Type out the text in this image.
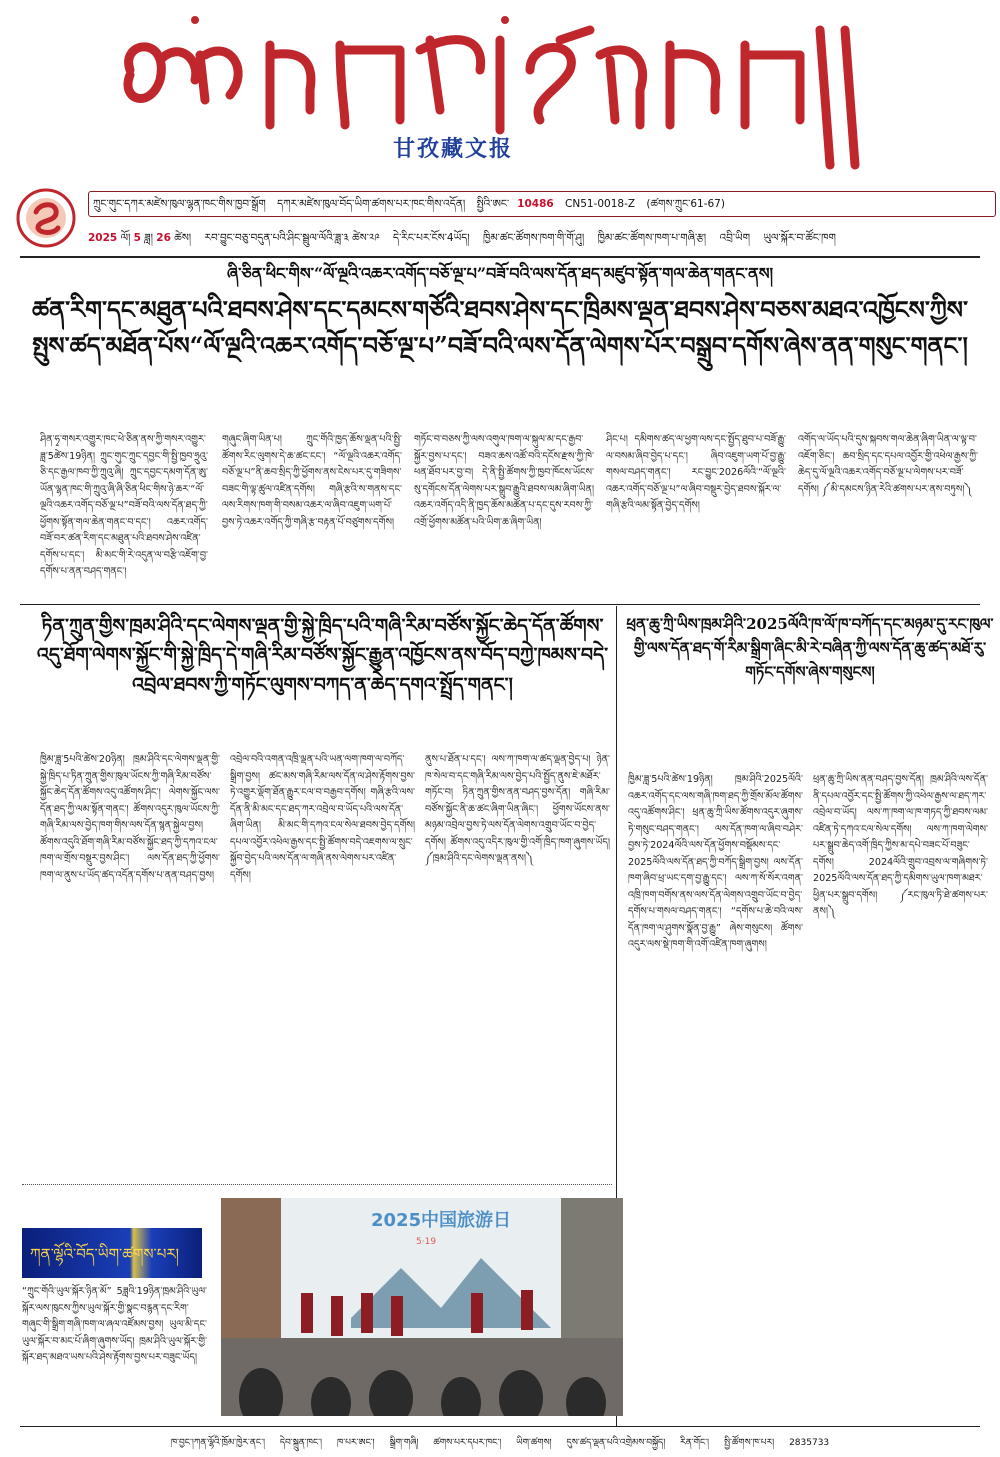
甘孜藏文报
ཀྲུང་གུང་དཀར་མཛེས་ཁུལ་ལྷན་ཁང་གིས་ཁྱབ་སྒྲོག དཀར་མཛེས་ཁུལ་བོད་ཡིག་ཚགས་པར་ཁང་གིས་འདོན། སྤྱིའི་ཨང་ 10486 CN51-0018-Z (ཚགས་ཀྲུང་61-67)
2025 ལོ། 5 ཟླ། 26 ཚེས། རབ་བྱུང་བཅུ་བདུན་པའི་ཤིང་སྦྲུལ་ལོའི་ཟླ་༣ ཚེས་༢༩ དེ་རིང་པར་ངོས་4ཡོད། ཁྱིམ་ཚང་ཚོགས་ཁག་གི་གོ་ཤུ། ཁྱིམ་ཚང་ཚོགས་ཁག་པ་གཞི་རྩ། འབྲི་ཡིག ཡུལ་སྐོར་བ་ཚོང་ཁག
ཞི་ཅིན་ཕིང་གིས་“ལོ་ལྔའི་འཆར་འགོད་བཅོ་ལྔ་པ”བཟོ་བའི་ལས་དོན་ཐད་མཛུབ་སྟོན་གལ་ཆེན་གནང་ནས།
ཚན་རིག་དང་མཐུན་པའི་ཐབས་ཤེས་དང་དམངས་གཙོའི་ཐབས་ཤེས་དང་ཁྲིམས་ལྡན་ཐབས་ཤེས་བཅས་མཐའ་འཁྱོངས་ཀྱིས་སྤུས་ཚད་མཐོན་པོས“ལོ་ལྔའི་འཆར་འགོད་བཅོ་ལྔ་པ”བཟོ་བའི་ལས་དོན་ལེགས་པོར་བསྒྲུབ་དགོས་ཞེས་ནན་གསུང་གནང་།
ཤིན་ཧྭ་གསར་འགྱུར་ཁང་ཕེ་ཅིན་ནས་ཀྱི་གསར་འགྱུར་ཟླ་5ཚེས་19ཉིན། ཀྲུང་གུང་ཀྲུང་དབྱང་གི་སྤྱི་ཁྱབ་ཧྲུའུ་ཅི་དང་རྒྱལ་ཁབ་ཀྱི་ཀྲུའུ་ཞི། ཀྲུང་དབྱང་དམག་དོན་ཨུ་ཡོན་ལྷན་ཁང་གི་ཀྲུའུ་ཞི་ཞི་ཅིན་ཕིང་གིས་ཉེ་ཆར་“ལོ་ལྔའི་འཆར་འགོད་བཅོ་ལྔ་པ”བཟོ་བའི་ལས་དོན་ཐད་ཀྱི་ཕྱོགས་སྟོན་གལ་ཆེན་གནང་བ་དང་། འཆར་འགོད་བཟོ་བར་ཚན་རིག་དང་མཐུན་པའི་ཐབས་ཤེས་འཛིན་དགོས་པ་དང་། མི་མང་གི་རེ་འདུན་ལ་བརྩི་འཇོག་བྱ་དགོས་པ་ནན་བཤད་གནང་།
གཞུང་ཞིག་ཡིན་པ། ཀྲུང་གོའི་ཁྱད་ཆོས་ལྡན་པའི་སྤྱི་ཚོགས་རིང་ལུགས་དེ་ཆ་ཚང་ངང་། “ལོ་ལྔའི་འཆར་འགོད་བཅོ་ལྔ་པ”ནི་ཆབ་སྲིད་ཀྱི་ཕྱོགས་ནས་ངེས་པར་དུ་གཟིགས་བཟང་གི་ལྟ་ཚུལ་འཛིན་དགོས། གཞི་རྩའི་ས་གནས་དང་ལས་རིགས་ཁག་གི་བསམ་འཆར་ལ་ཞིབ་འཇུག་ཡག་པོ་བྱས་ཏེ་འཆར་འགོད་ཀྱི་གཞི་རྩ་བརྟན་པོ་བཙུགས་དགོས།
གཏོང་བ་བཅས་ཀྱི་ལས་འགུལ་ཁག་ལ་སྐུལ་མ་དང་རྒྱབ་སྐྱོར་བྱས་པ་དང་། བཟའ་ཆས་འཚོ་བའི་དངོས་རྫས་ཀྱི་ཁེ་ཕན་ཐོབ་པར་བྱ་བ། དེ་ནི་སྤྱི་ཚོགས་ཀྱི་ཁྱབ་ཁོངས་ཡོངས་སུ་དགོངས་དོན་ལེགས་པར་སྒྲུབ་རྒྱུའི་ཐབས་ལམ་ཞིག་ཡིན། འཆར་འགོད་འདི་ནི་ཁྱད་ཆོས་མཚོན་པ་དང་དུས་རབས་ཀྱི་འགྲོ་ཕྱོགས་མཚོན་པའི་ཡིག་ཆ་ཞིག་ཡིན།
ཤིང་པ། དམིགས་ཚད་ལ་ཕྱག་ལས་དང་སྤྱོད་ཐུབ་པ་བཟོ་རྒྱུ་ལ་བསམ་ཞིབ་བྱེད་པ་དང་། ཞིབ་འཇུག་ཡག་པོ་བྱ་རྒྱུ་གསལ་བཤད་གནང་། རང་བྱུང་2026ལོའི་“ལོ་ལྔའི་འཆར་འགོད་བཅོ་ལྔ་པ”ལ་ཞིབ་བསྡུར་བྱེད་ཐབས་སྐོར་ལ་གཞི་རྩའི་ལམ་སྟོན་བྱེད་དགོས།
འགོད་ལ་ཡོད་པའི་དུས་སྐབས་གལ་ཆེན་ཞིག་ཡིན་ལ་ལྟ་བ་འཇོག་ཅིང་། ཆབ་སྲིད་དང་དཔལ་འབྱོར་གྱི་འཕེལ་རྒྱས་ཀྱི་ཆེད་དུ་ལོ་ལྔའི་འཆར་འགོད་བཅོ་ལྔ་པ་ལེགས་པར་བཟོ་དགོས། ༼མི་དམངས་ཉིན་རེའི་ཚགས་པར་ནས་བཏུས།༽
ཏིན་ཀྲུན་གྱིས་ཁྲམ་ཤིའི་དང་ལེགས་ལྡན་གྱི་སྐྱེ་ཁྲིད་པའི་གཞི་རིམ་བཙོས་སྐྱོང་ཆེད་དོན་ཚོགས་འདུ་ཐོག་ལེགས་སྐྱོང་གི་སྐྱེ་ཁྲིད་དེ་གཞི་རིམ་བཙོས་སྐྱོང་རྒྱུན་འཁྱོངས་ནས་བོད་བཀྱེ་ཁམས་བདེ་འབྲེལ་ཐབས་ཀྱི་གཏོང་ལུགས་བཀད་ན་ཆེད་དགའ་སྤྲོད་གནང་།
ཁྱིམ་ཟླ་5པའི་ཚེས་20ཉིན། ཁྲམ་ཤིའི་དང་ལེགས་ལྡན་གྱི་སྐྱེ་ཁྲིད་པ་ཏིན་ཀྲུན་གྱིས་ཁུལ་ཡོངས་ཀྱི་གཞི་རིམ་བཙོས་སྐྱོང་ཆེད་དོན་ཚོགས་འདུ་འཚོགས་ཤིང་། ལེགས་སྐྱོང་ལས་དོན་ཐད་ཀྱི་ལམ་སྟོན་གནང་། ཚོགས་འདུར་ཁུལ་ཡོངས་ཀྱི་གཞི་རིམ་ལས་བྱེད་ཁག་གིས་ལས་དོན་སྙན་སྐྱེལ་བྱས། ཚོགས་འདུའི་ཐོག་གཞི་རིམ་བཙོས་སྐྱོང་ཐད་ཀྱི་དཀའ་ངལ་ཁག་ལ་གྲོས་བསྡུར་བྱས་ཤིང་། ལས་དོན་ཐད་ཀྱི་ཕྱོགས་ཁག་ལ་ནུས་པ་ཡོད་ཚད་འདོན་དགོས་པ་ནན་བཤད་བྱས།
འབྲེལ་བའི་འགན་འཁྲི་ལྡན་པའི་ཡན་ལག་ཁག་ལ་བཀོད་སྒྲིག་བྱས། ཚང་མས་གཞི་རིམ་ལས་དོན་ལ་ཤེས་རྟོགས་བྱས་ཏེ་འགྱུར་ལྡོག་ཐོན་རྒྱུར་ངལ་བ་བརྒྱབ་དགོས། གཞི་རྩའི་ལས་དོན་ནི་མི་མང་དང་ཐད་ཀར་འབྲེལ་བ་ཡོད་པའི་ལས་དོན་ཞིག་ཡིན། མི་མང་གི་དཀའ་ངལ་སེལ་ཐབས་བྱེད་དགོས། དཔལ་འབྱོར་འཕེལ་རྒྱས་དང་སྤྱི་ཚོགས་བདེ་འཇགས་ལ་སྲུང་སྐྱོབ་བྱེད་པའི་ལས་དོན་ལ་གཞི་ནས་ལེགས་པར་འཛིན་དགོས།
ནུས་པ་ཐོན་པ་དང་། ལས་ཀ་ཁག་ལ་ཚད་ལྡན་བྱེད་པ། ཉེན་ཁ་སེལ་བ་དང་གཞི་རིམ་ལས་བྱེད་པའི་སྤྱོད་ནུས་ཇེ་མཐོར་གཏོང་བ། ཏིན་ཀྲུན་གྱིས་ནན་བཤད་བྱས་དོན། གཞི་རིམ་བཙོས་སྐྱོང་ནི་ཆ་ཚང་ཞིག་ཡིན་ཞིང་། ཕྱོགས་ཡོངས་ནས་མཉམ་འབྲེལ་བྱས་ཏེ་ལས་དོན་ལེགས་འགྲུབ་ཡོང་བ་བྱེད་དགོས། ཚོགས་འདུ་འདིར་ཁུལ་གྱི་འགོ་ཁྲིད་ཁག་ཞུགས་ཡོད། ༼ཁྲམ་ཤིའི་དང་ལེགས་ལྡན་ནས།༽
ཕྲན་ཆུ་ཀྲི་ཡིས་ཁྲམ་ཤིའི་2025ལོའི་ཁ་ལོ་ཁ་བཀོད་དང་མཉམ་དུ་རང་ཁུལ་གྱི་ལས་དོན་ཐད་གོ་རིམ་སྒྲིག་ཞིང་མི་རེ་བཞིན་ཀྱི་ལས་དོན་ཆུ་ཚད་མཐོ་རུ་གཏོང་དགོས་ཞེས་གསུངས།
ཁྱིམ་ཟླ་5པའི་ཚེས་19ཉིན། ཁྲམ་ཤིའི་2025ལོའི་འཆར་འགོད་དང་ལས་གཞི་ཁག་ཐད་ཀྱི་གྲོས་མོལ་ཚོགས་འདུ་འཚོགས་ཤིང་། ཕྲན་ཆུ་ཀྲི་ཡིས་ཚོགས་འདུར་ཞུགས་ཏེ་གསུང་བཤད་གནང་། ལས་དོན་ཁག་ལ་ཞིབ་བཤེར་བྱས་ཏེ་2024ལོའི་ལས་དོན་ཕྱོགས་བསྡོམས་དང་2025ལོའི་ལས་དོན་ཐད་ཀྱི་བཀོད་སྒྲིག་བྱས། ལས་དོན་ཁག་ཞིབ་ཕྲ་ཡང་དག་བྱ་རྒྱུ་དང་། ལས་ཀ་སོ་སོར་འགན་འཁྲི་ཁག་བགོས་ནས་ལས་དོན་ལེགས་འགྲུབ་ཡོང་བ་བྱེད་དགོས་པ་གསལ་བཤད་གནང་། “དགོས་པ་ཆེ་བའི་ལས་དོན་ཁག་ལ་ཤུགས་སྣོན་བྱ་རྒྱུ” ཞེས་གསུངས། ཚོགས་འདུར་ལས་སྡེ་ཁག་གི་འགོ་འཛིན་ཁག་ཞུགས།
ཕྲན་ཆུ་ཀྲི་ཡིས་ནན་བཤད་བྱས་དོན། ཁྲམ་ཤིའི་ལས་དོན་ནི་དཔལ་འབྱོར་དང་སྤྱི་ཚོགས་ཀྱི་འཕེལ་རྒྱས་ལ་ཐད་ཀར་འབྲེལ་བ་ཡོད། ལས་ཀ་ཁག་ལ་ཁ་གཏད་ཀྱི་ཐབས་ལམ་འཛིན་ཏེ་དཀའ་ངལ་སེལ་དགོས། ལས་ཀ་ཁག་ལེགས་པར་སྒྲུབ་ཆེད་འགོ་ཁྲིད་ཀྱིས་མ་དཔེ་བཟང་པོ་བཟུང་དགོས། 2024ལོའི་གྲུབ་འབྲས་ལ་གཞིགས་ཏེ་2025ལོའི་ལས་དོན་ཐད་ཀྱི་དམིགས་ཡུལ་ཁག་མཐར་ཕྱིན་པར་སྒྲུབ་དགོས། ༼རང་ཁུལ་ཏི་ཐེ་ཚགས་པར་ནས།༽
ཀན་ལྷོའི་བོད་ཡིག་ཚགས་པར།
“ཀྲུང་གོའི་ཡུལ་སྐོར་ཉིན་མོ” 5ཟླའི་19ཉིན་ཁྲམ་ཤིའི་ཡུལ་སྐོར་ལས་ཁུངས་ཀྱིས་ཡུལ་སྐོར་གྱི་སྣང་བརྙན་དང་རིག་གཞུང་གི་སྒྲིག་གཞི་ཁག་ལ་ཞལ་འཛོམས་བྱས། ཡུལ་མི་དང་ཡུལ་སྐོར་བ་མང་པོ་ཞིག་ཞུགས་ཡོད། ཁྲམ་ཤིའི་ཡུལ་སྐོར་གྱི་སྐོར་ཐད་མཐའ་ཡས་པའི་ཤེས་རྟོགས་བྱས་པར་བཟུང་ཡོད།
2025 中国旅游日
5·19
ཁ་བྱང་།ཀན་ལྷོའི་ཁྲོམ་ཁྱེར་ནང་། དེབ་སྐྲུན་ཁང་། ཁ་པར་ཨང་། སྒྲིག་གཞི། ཚགས་པར་དཔར་ཁང་། ཡིག་ཚགས། དུས་ཚད་ལྡན་པའི་འགྲེམས་བསྐྱོད། རིན་གོང་། སྤྱི་ཚོགས་ཁ་པར། 2835733
